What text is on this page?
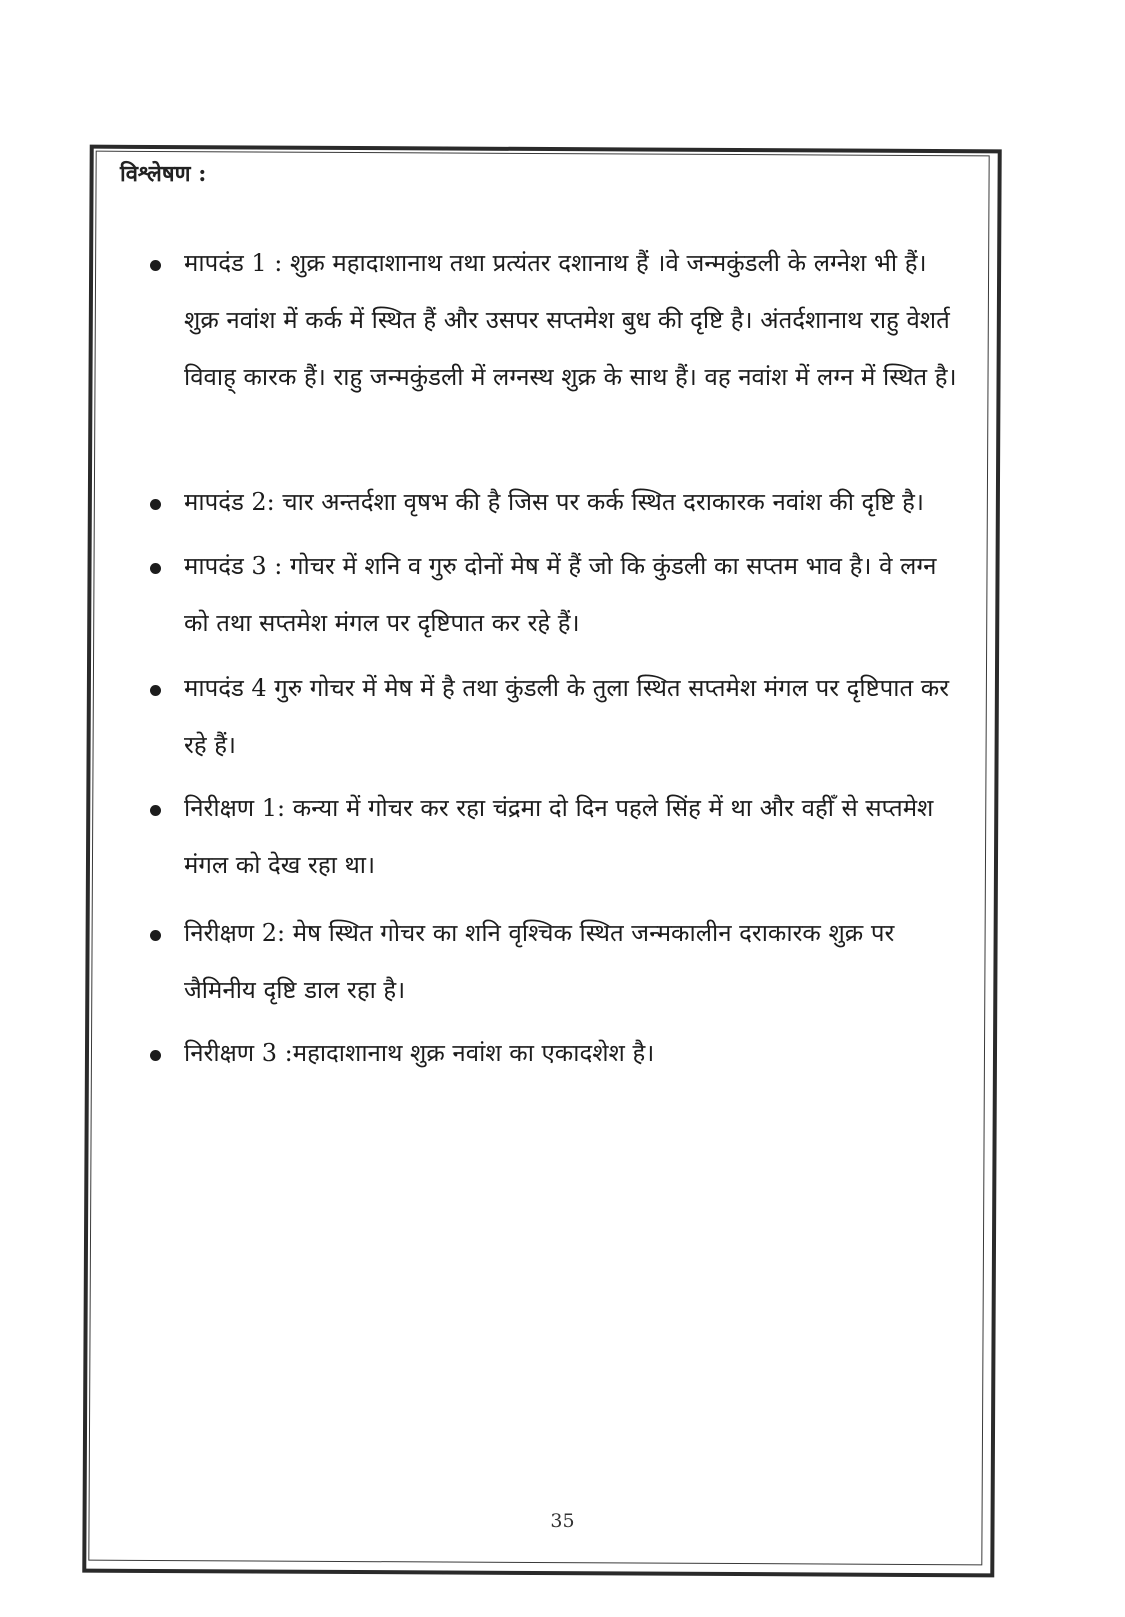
विश्लेषण :
मापदंड 1 : शुक्र महादाशानाथ तथा प्रत्यंतर दशानाथ हैं ।वे जन्मकुंडली के लग्नेश भी हैं। शुक्र नवांश में कर्क में स्थित हैं और उसपर सप्तमेश बुध की दृष्टि है। अंतर्दशानाथ राहु वेशर्त विवाह् कारक हैं। राहु जन्मकुंडली में लग्नस्थ शुक्र के साथ हैं। वह नवांश में लग्न में स्थित है।
मापदंड 2: चार अन्तर्दशा वृषभ की है जिस पर कर्क स्थित दराकारक नवांश की दृष्टि है।
मापदंड 3 : गोचर में शनि व गुरु दोनों मेष में हैं जो कि कुंडली का सप्तम भाव है। वे लग्न को तथा सप्तमेश मंगल पर दृष्टिपात कर रहे हैं।
मापदंड 4 गुरु गोचर में मेष में है तथा कुंडली के तुला स्थित सप्तमेश मंगल पर दृष्टिपात कर रहे हैं।
निरीक्षण 1: कन्या में गोचर कर रहा चंद्रमा दो दिन पहले सिंह में था और वहीँ से सप्तमेश मंगल को देख रहा था।
निरीक्षण 2: मेष स्थित गोचर का शनि वृश्चिक स्थित जन्मकालीन दराकारक शुक्र पर जैमिनीय दृष्टि डाल रहा है।
निरीक्षण 3 :महादाशानाथ शुक्र नवांश का एकादशेश है।
35
